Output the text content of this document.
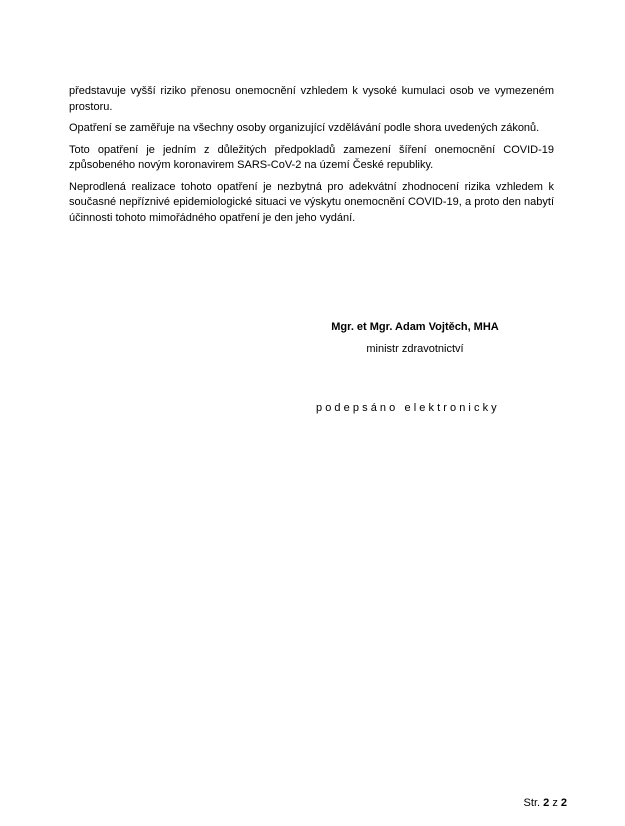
představuje vyšší riziko přenosu onemocnění vzhledem k vysoké kumulaci osob ve vymezeném prostoru.

Opatření se zaměřuje na všechny osoby organizující vzdělávání podle shora uvedených zákonů.

Toto opatření je jedním z důležitých předpokladů zamezení šíření onemocnění COVID-19 způsobeného novým koronavirem SARS-CoV-2 na území České republiky.

Neprodlená realizace tohoto opatření je nezbytná pro adekvátní zhodnocení rizika vzhledem k současné nepříznivé epidemiologické situaci ve výskytu onemocnění COVID-19, a proto den nabytí účinnosti tohoto mimořádného opatření je den jeho vydání.

Mgr. et Mgr. Adam Vojtěch, MHA
ministr zdravotnictví
podepsáno elektronicky
Str. 2 z 2
